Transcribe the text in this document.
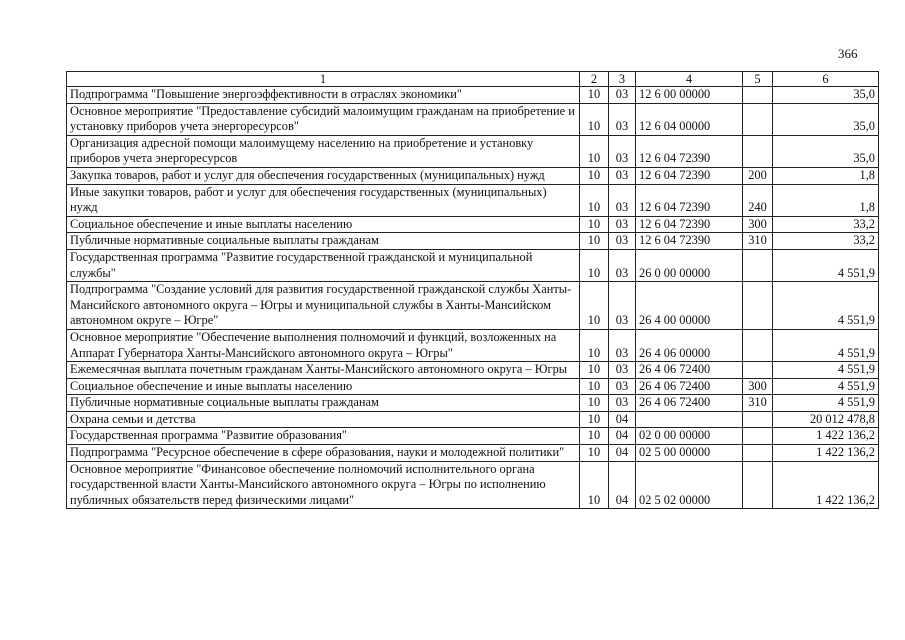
366
1	2	3	4	5	6
Подпрограмма "Повышение энергоэффективности в отраслях экономики"	10	03	12 6 00 00000		35,0
Основное мероприятие "Предоставление субсидий малоимущим гражданам на приобретение и установку приборов учета энергоресурсов"	10	03	12 6 04 00000		35,0
Организация адресной помощи малоимущему населению на приобретение и установку приборов учета энергоресурсов	10	03	12 6 04 72390		35,0
Закупка товаров, работ и услуг для обеспечения государственных (муниципальных) нужд	10	03	12 6 04 72390	200	1,8
Иные закупки товаров, работ и услуг для обеспечения государственных (муниципальных) нужд	10	03	12 6 04 72390	240	1,8
Социальное обеспечение и иные выплаты населению	10	03	12 6 04 72390	300	33,2
Публичные нормативные социальные выплаты гражданам	10	03	12 6 04 72390	310	33,2
Государственная программа "Развитие государственной гражданской и муниципальной службы"	10	03	26 0 00 00000		4 551,9
Подпрограмма "Создание условий для развития государственной гражданской службы Ханты-Мансийского автономного округа – Югры и муниципальной службы в Ханты-Мансийском автономном округе – Югре"	10	03	26 4 00 00000		4 551,9
Основное мероприятие "Обеспечение выполнения полномочий и функций, возложенных на Аппарат Губернатора Ханты-Мансийского автономного округа – Югры"	10	03	26 4 06 00000		4 551,9
Ежемесячная выплата почетным гражданам Ханты-Мансийского автономного округа – Югры	10	03	26 4 06 72400		4 551,9
Социальное обеспечение и иные выплаты населению	10	03	26 4 06 72400	300	4 551,9
Публичные нормативные социальные выплаты гражданам	10	03	26 4 06 72400	310	4 551,9
Охрана семьи и детства	10	04			20 012 478,8
Государственная программа "Развитие образования"	10	04	02 0 00 00000		1 422 136,2
Подпрограмма "Ресурсное обеспечение в сфере образования, науки и молодежной политики"	10	04	02 5 00 00000		1 422 136,2
Основное мероприятие "Финансовое обеспечение полномочий исполнительного органа государственной власти Ханты-Мансийского автономного округа – Югры по исполнению публичных обязательств перед физическими лицами"	10	04	02 5 02 00000		1 422 136,2
